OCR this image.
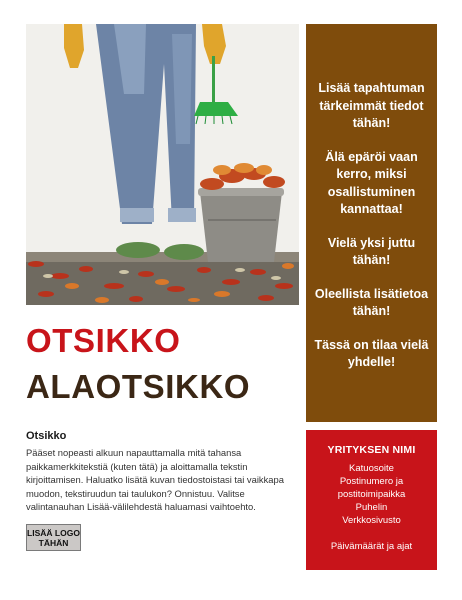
Lisää tapahtuman tärkeimmät tiedot tähän!

Älä epäröi vaan kerro, miksi osallistuminen kannattaa!

Vielä yksi juttu tähän!

Oleellista lisätietoa tähän!

Tässä on tilaa vielä yhdelle!

YRITYKSEN NIMI
Katuosoite
Postinumero ja postitoimipaikka
Puhelin
Verkkosivusto
Päivämäärät ja ajat
OTSIKKO
ALAOTSIKKO
Otsikko

Pääset nopeasti alkuun napauttamalla mitä tahansa paikkamerkkitekstiä (kuten tätä) ja aloittamalla tekstin kirjoittamisen. Haluatko lisätä kuvan tiedostoistasi tai vaikkapa muodon, tekstiruudun tai taulukon? Onnistuu. Valitse valintanauhan Lisää-välilehdestä haluamasi vaihtoehto.

LISÄÄ LOGO TÄHÄN
